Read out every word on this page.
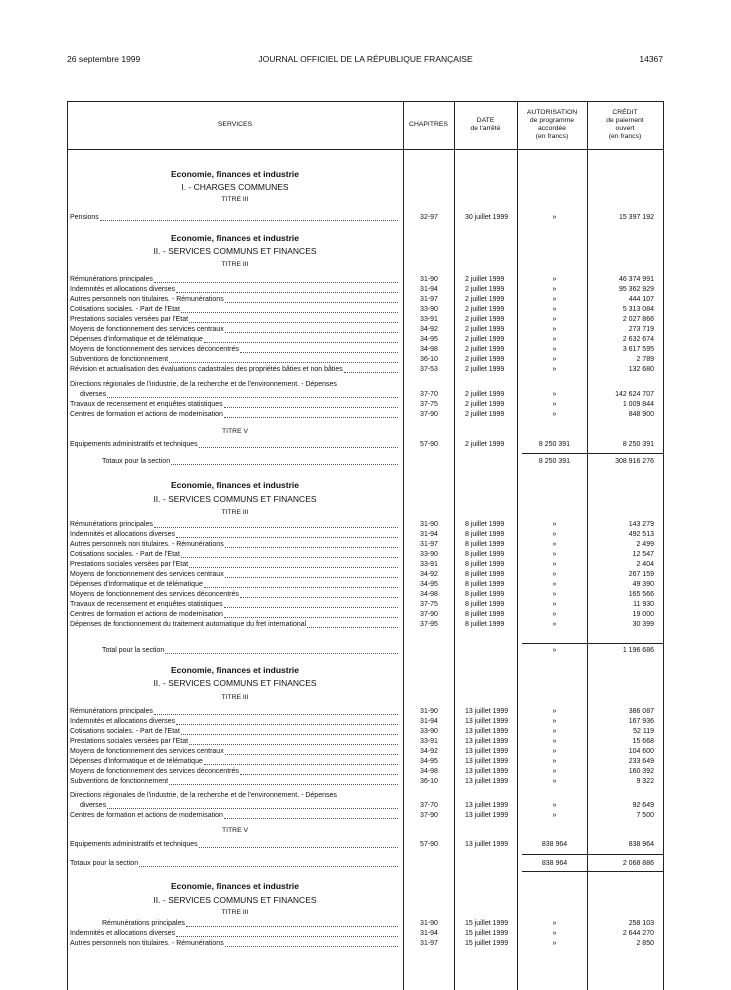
26 septembre 1999	JOURNAL OFFICIEL DE LA RÉPUBLIQUE FRANÇAISE	14367
SERVICES	CHAPITRES
DATE
de l'arrêté
AUTORISATION
de programme
accordée
(en francs)
CRÉDIT
de paiement
ouvert
(en francs)
Economie, finances et industrie
I. - CHARGES COMMUNES
TITRE III
Economie, finances et industrie
II. - SERVICES COMMUNS ET FINANCES
TITRE III
TITRE V
Economie, finances et industrie
II. - SERVICES COMMUNS ET FINANCES
TITRE III
Economie, finances et industrie
II. - SERVICES COMMUNS ET FINANCES
TITRE III
TITRE V
Economie, finances et industrie
II. - SERVICES COMMUNS ET FINANCES
TITRE III
Directions régionales de l'industrie, de la recherche et de l'environnement. - Dépenses
Directions régionales de l'industrie, de la recherche et de l'environnement. - Dépenses
Pensions	32-97	30 juillet 1999	»	15 397 192
Rémunérations principales	31-90	2 juillet 1999	»	46 374 991
Indemnités et allocations diverses	31-94	2 juillet 1999	»	95 362 929
Autres personnels non titulaires. - Rémunérations	31-97	2 juillet 1999	»	444 107
Cotisations sociales. - Part de l'Etat	33-90	2 juillet 1999	»	5 313 084
Prestations sociales versées par l'Etat	33-91	2 juillet 1999	»	2 027 866
Moyens de fonctionnement des services centraux	34-92	2 juillet 1999	»	273 719
Dépenses d'informatique et de télématique	34-95	2 juillet 1999	»	2 632 674
Moyens de fonctionnement des services déconcentrés	34-98	2 juillet 1999	»	3 617 595
Subventions de fonctionnement	36-10	2 juillet 1999	»	2 789
Révision et actualisation des évaluations cadastrales des propriétés bâties et non bâties	37-53	2 juillet 1999	»	132 680
diverses	37-70	2 juillet 1999	»	142 624 707
Travaux de recensement et enquêtes statistiques	37-75	2 juillet 1999	»	1 009 844
Centres de formation et actions de modernisation	37-90	2 juillet 1999	»	848 900
Equipements administratifs et techniques	57-90	2 juillet 1999	8 250 391	8 250 391
Totaux pour la section	8 250 391	308 916 276
Rémunérations principales	31-90	8 juillet 1999	»	143 279
Indemnités et allocations diverses	31-94	8 juillet 1999	»	492 513
Autres personnels non titulaires. - Rémunérations	31-97	8 juillet 1999	»	2 499
Cotisations sociales. - Part de l'Etat	33-90	8 juillet 1999	»	12 547
Prestations sociales versées par l'Etat	33-91	8 juillet 1999	»	2 404
Moyens de fonctionnement des services centraux	34-92	8 juillet 1999	»	267 159
Dépenses d'informatique et de télématique	34-95	8 juillet 1999	»	49 390
Moyens de fonctionnement des services déconcentrés	34-98	8 juillet 1999	»	165 566
Travaux de recensement et enquêtes statistiques	37-75	8 juillet 1999	»	11 930
Centres de formation et actions de modernisation	37-90	8 juillet 1999	»	19 000
Dépenses de fonctionnement du traitement automatique du fret international	37-95	8 juillet 1999	»	30 399
Total pour la section	»	1 196 686
Rémunérations principales	31-90	13 juillet 1999	»	386 087
Indemnités et allocations diverses	31-94	13 juillet 1999	»	167 936
Cotisations sociales. - Part de l'Etat	33-90	13 juillet 1999	»	52 119
Prestations sociales versées par l'Etat	33-91	13 juillet 1999	»	15 668
Moyens de fonctionnement des services centraux	34-92	13 juillet 1999	»	104 600
Dépenses d'informatique et de télématique	34-95	13 juillet 1999	»	233 649
Moyens de fonctionnement des services déconcentrés	34-98	13 juillet 1999	»	160 392
Subventions de fonctionnement	36-10	13 juillet 1999	»	9 322
diverses	37-70	13 juillet 1999	»	92 649
Centres de formation et actions de modernisation	37-90	13 juillet 1999	»	7 500
Equipements administratifs et techniques	57-90	13 juillet 1999	838 964	838 964
Totaux pour la section	838 964	2 068 886
Rémunérations principales	31-90	15 juillet 1999	»	258 103
Indemnités et allocations diverses	31-94	15 juillet 1999	»	2 644 270
Autres personnels non titulaires. - Rémunérations	31-97	15 juillet 1999	»	2 850
